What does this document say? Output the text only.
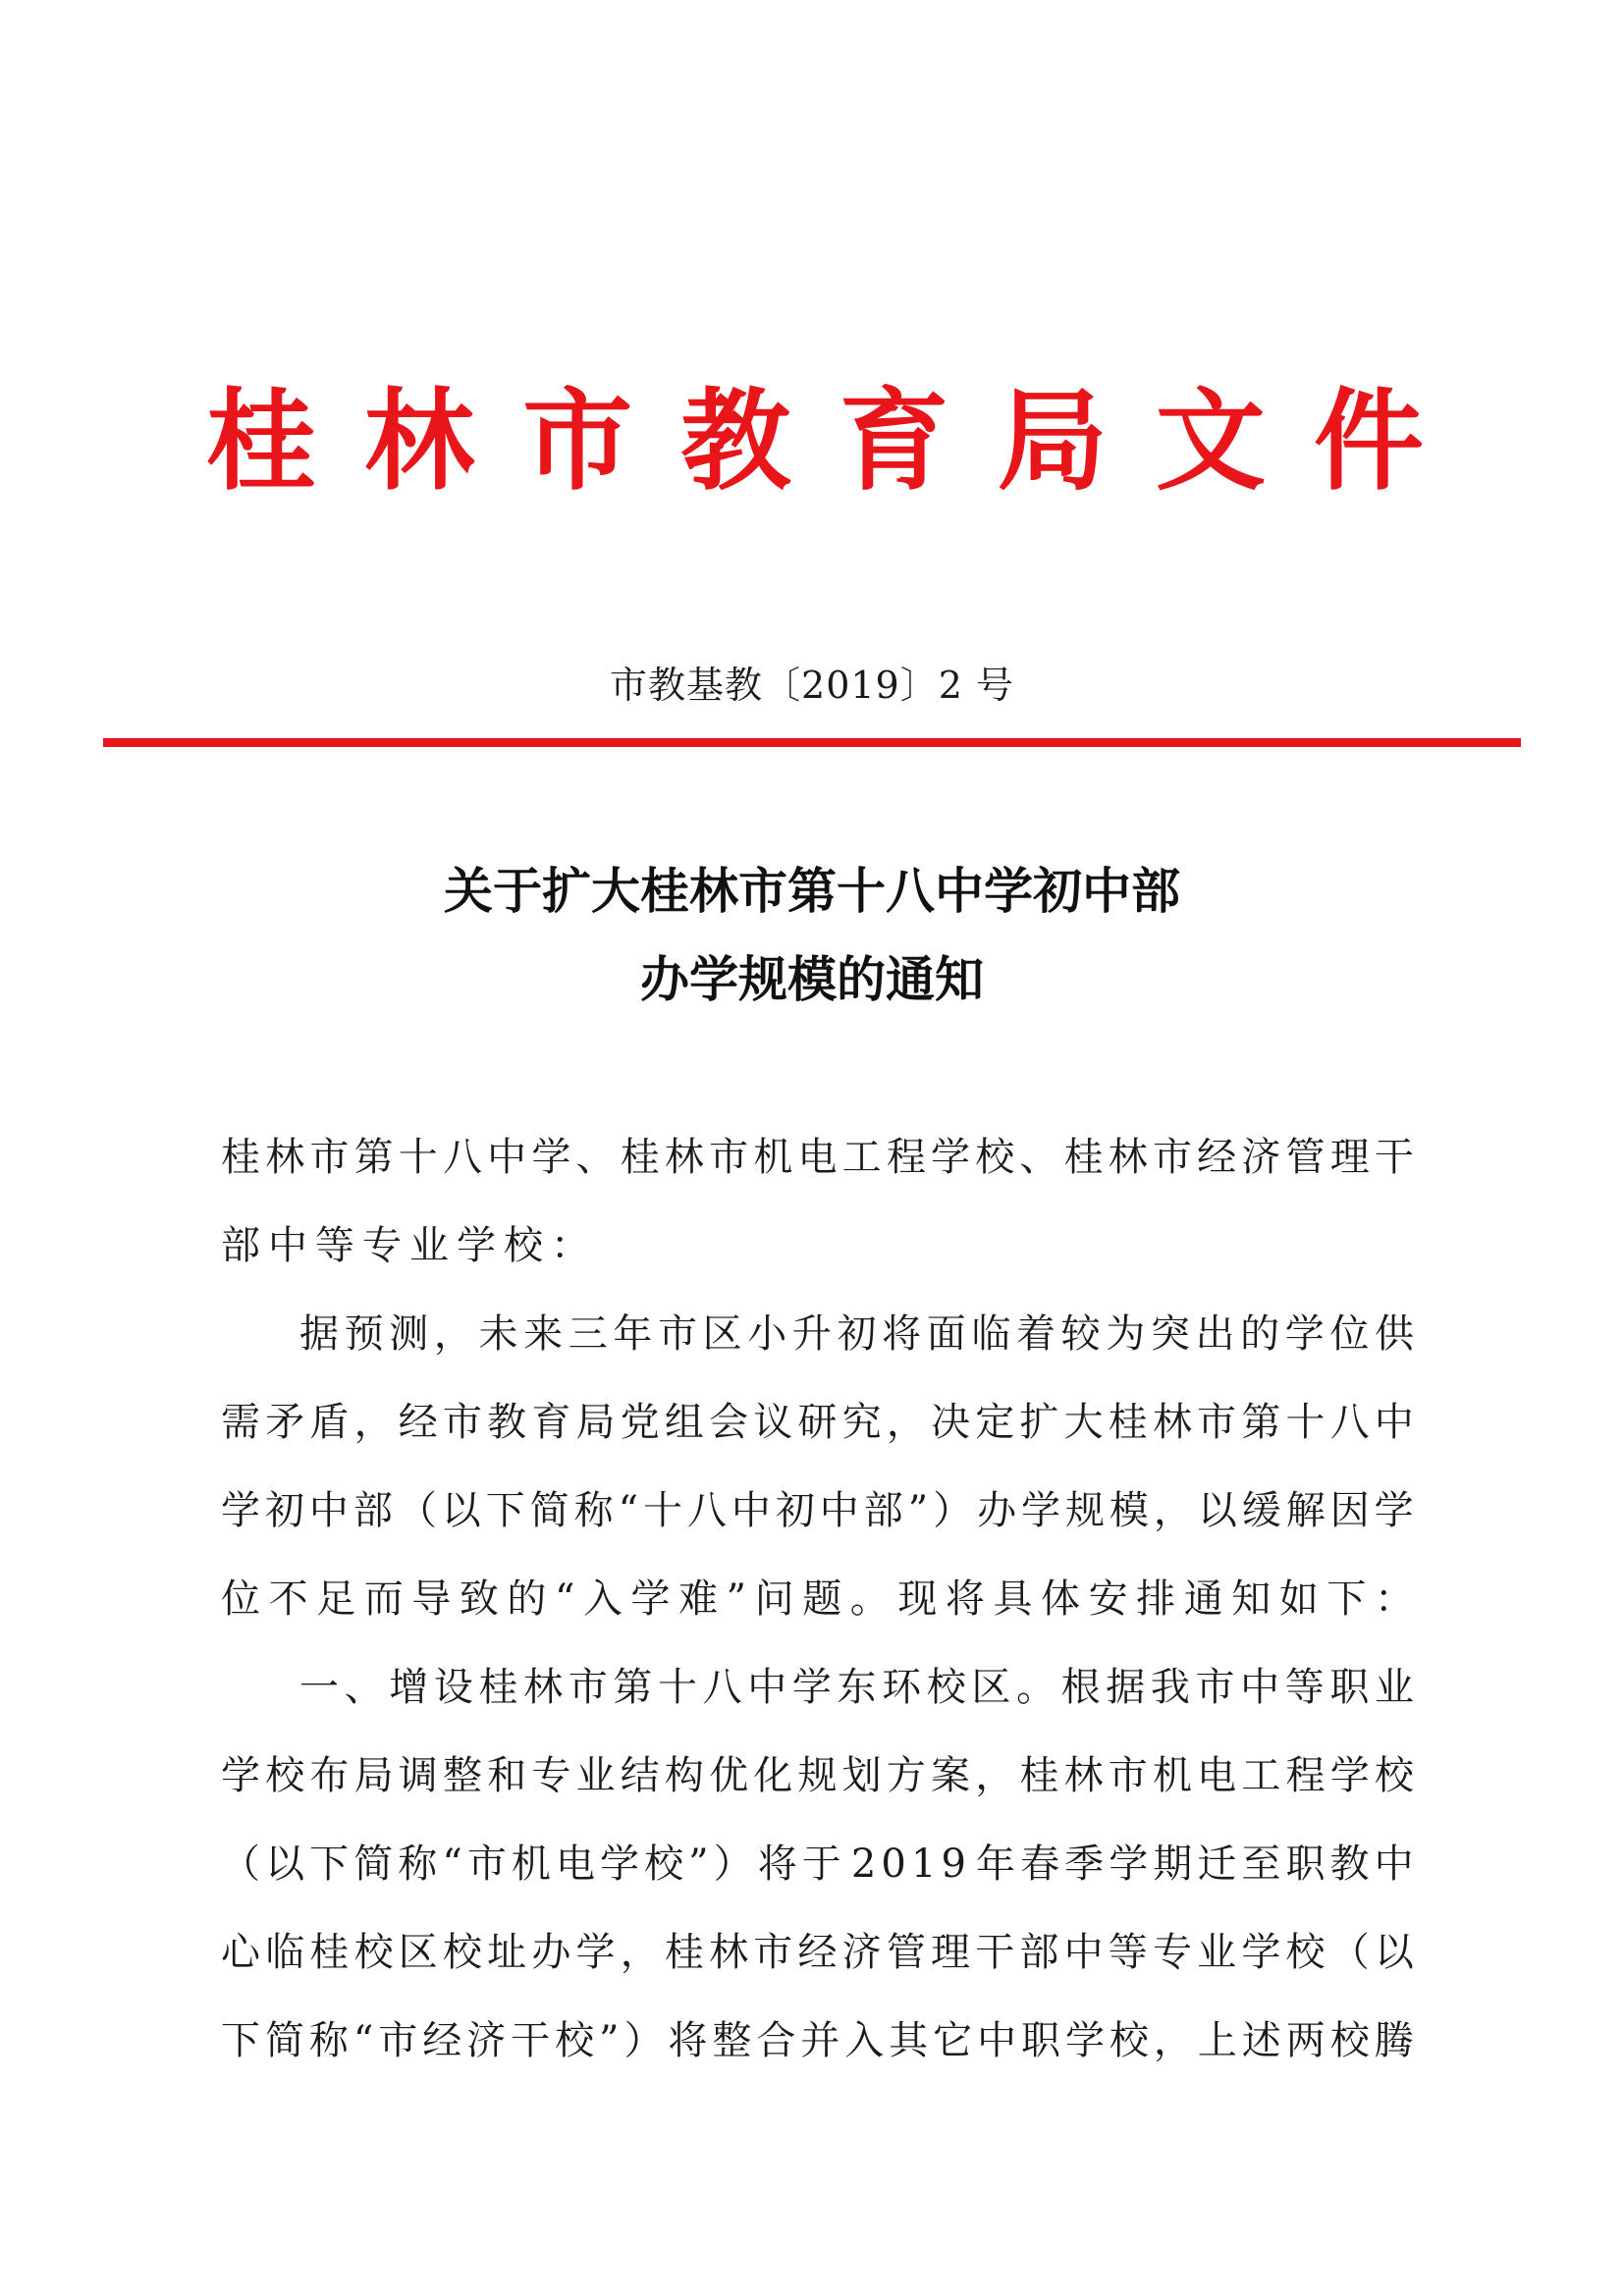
桂 林 市 教 育 局 文 件
市教基教〔2019〕2 号
关于扩大桂林市第十八中学初中部
办学规模的通知
桂 林 市 第 十 八 中 学 、 桂 林 市 机 电 工 程 学 校 、 桂 林 市 经 济 管 理 干
部中等专业学校：
据 预 测 ， 未 来 三 年 市 区 小 升 初 将 面 临 着 较 为 突 出 的 学 位 供
需 矛 盾 ， 经 市 教 育 局 党 组 会 议 研 究 ， 决 定 扩 大 桂 林 市 第 十 八 中
学 初 中 部 （ 以 下 简 称 “ 十 八 中 初 中 部 ” ） 办 学 规 模 ， 以 缓 解 因 学
位 不 足 而 导 致 的 “ 入 学 难 ” 问 题 。 现 将 具 体 安 排 通 知 如 下 ：
一 、 增 设 桂 林 市 第 十 八 中 学 东 环 校 区 。 根 据 我 市 中 等 职 业
学 校 布 局 调 整 和 专 业 结 构 优 化 规 划 方 案 ， 桂 林 市 机 电 工 程 学 校
（ 以 下 简 称 “ 市 机 电 学 校 ” ） 将 于 2 0 1 9 年 春 季 学 期 迁 至 职 教 中
心 临 桂 校 区 校 址 办 学 ， 桂 林 市 经 济 管 理 干 部 中 等 专 业 学 校 （ 以
下 简 称 “ 市 经 济 干 校 ” ） 将 整 合 并 入 其 它 中 职 学 校 ， 上 述 两 校 腾
